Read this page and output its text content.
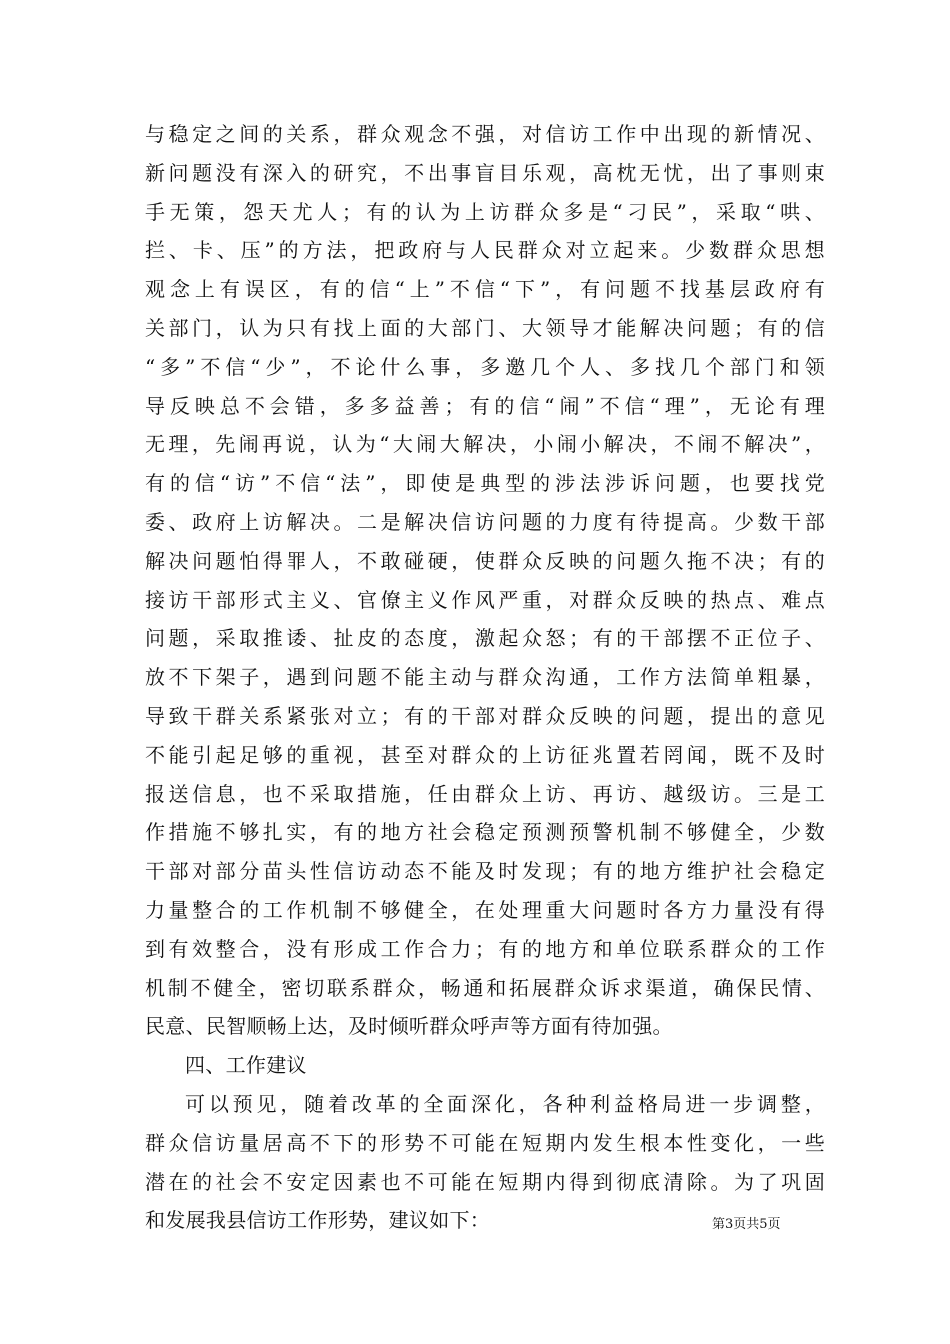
与稳定之间的关系，群众观念不强，对信访工作中出现的新情况、
新问题没有深入的研究，不出事盲目乐观，高枕无忧，出了事则束
手无策，怨天尤人；有的认为上访群众多是“刁民”，采取“哄、
拦、卡、压”的方法，把政府与人民群众对立起来。少数群众思想
观念上有误区，有的信“上”不信“下”，有问题不找基层政府有
关部门，认为只有找上面的大部门、大领导才能解决问题；有的信
“多”不信“少”，不论什么事，多邀几个人、多找几个部门和领
导反映总不会错，多多益善；有的信“闹”不信“理”，无论有理
无理，先闹再说，认为“大闹大解决，小闹小解决，不闹不解决”，
有的信“访”不信“法”，即使是典型的涉法涉诉问题，也要找党
委、政府上访解决。二是解决信访问题的力度有待提高。少数干部
解决问题怕得罪人，不敢碰硬，使群众反映的问题久拖不决；有的
接访干部形式主义、官僚主义作风严重，对群众反映的热点、难点
问题，采取推诿、扯皮的态度，激起众怒；有的干部摆不正位子、
放不下架子，遇到问题不能主动与群众沟通，工作方法简单粗暴，
导致干群关系紧张对立；有的干部对群众反映的问题，提出的意见
不能引起足够的重视，甚至对群众的上访征兆置若罔闻，既不及时
报送信息，也不采取措施，任由群众上访、再访、越级访。三是工
作措施不够扎实，有的地方社会稳定预测预警机制不够健全，少数
干部对部分苗头性信访动态不能及时发现；有的地方维护社会稳定
力量整合的工作机制不够健全，在处理重大问题时各方力量没有得
到有效整合，没有形成工作合力；有的地方和单位联系群众的工作
机制不健全，密切联系群众，畅通和拓展群众诉求渠道，确保民情、
民意、民智顺畅上达，及时倾听群众呼声等方面有待加强。
四、工作建议
可以预见，随着改革的全面深化，各种利益格局进一步调整，
群众信访量居高不下的形势不可能在短期内发生根本性变化，一些
潜在的社会不安定因素也不可能在短期内得到彻底清除。为了巩固
和发展我县信访工作形势，建议如下：	第3页共5页
